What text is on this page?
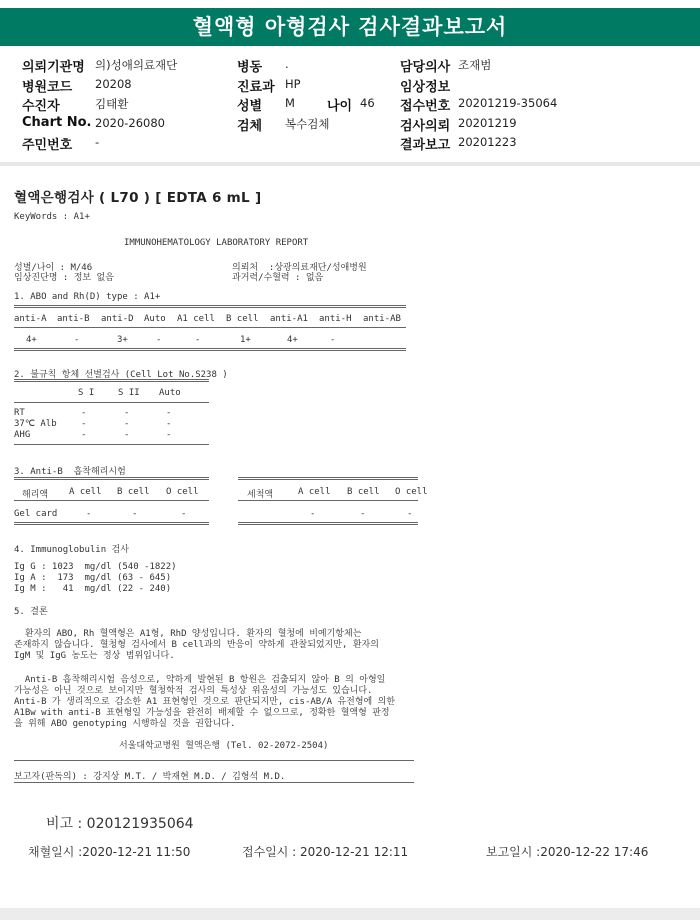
혈액형 아형검사 검사결과보고서
의뢰기관명 의)성애의료재단
병원코드 20208
수진자	김태환
Chart No. 2020-26080
주민번호 -
병동 .
진료과 HP
성별 M 나이 46
검체 복수검체
담당의사 조재범
임상정보
접수번호 20201219-35064
검사의뢰 20201219
결과보고 20201223
혈액은행검사 ( L70 ) [ EDTA 6 mL ]
KeyWords : A1+
IMMUNOHEMATOLOGY LABORATORY REPORT
성별/나이 : M/46
임상진단명 : 정보 없음
의뢰처  :상광의료재단/성애병원
과거력/수혈력 : 없음
1. ABO and Rh(D) type : A1+
anti-A anti-B anti-D Auto A1 cell B cell anti-A1 anti-H anti-AB
4+	-	3+	-	-	1+	4+	-
2. 불규칙 항체 선별검사 (Cell Lot No.S238 )
S I	S II Auto
RT	-	-	-
37℃ Alb	-	-	-
AHG	-	-	-
3. Anti-B  흡착해리시험
해리액 A cell B cell O cell	세척액	A cell B cell O cell
Gel card	-	-	-	-	-	-
4. Immunoglobulin 검사
Ig G : 1023  mg/dl (540 -1822)
Ig A :  173  mg/dl (63 - 645)
Ig M :   41  mg/dl (22 - 240)
5. 결론
환자의 ABO, Rh 혈액형은 A1형, RhD 양성입니다. 환자의 혈청에 비예기항체는
존재하지 않습니다. 혈청형 검사에서 B cell과의 반응이 약하게 관찰되었지만, 환자의
IgM 및 IgG 농도는 정상 범위입니다.
Anti-B 흡착해리시험 음성으로, 약하게 발현된 B 항원은 검출되지 않아 B 의 아형일
가능성은 아닌 것으로 보이지만 혈청학적 검사의 특성상 위음성의 가능성도 있습니다.
Anti-B 가 생리적으로 감소한 A1 표현형인 것으로 판단되지만, cis-AB/A 유전형에 의한
A1Bw with anti-B 표현형일 가능성을 완전히 배제할 수 없으므로, 정확한 혈액형 판정
을 위해 ABO genotyping 시행하실 것을 권합니다.
서울대학교병원 혈액은행 (Tel. 02-2072-2504)
보고자(판독의) : 강지상 M.T. / 박재현 M.D. / 김형석 M.D.
비고 : 020121935064
채혈일시 :2020-12-21 11:50	접수일시 : 2020-12-21 12:11	보고일시 :2020-12-22 17:46
